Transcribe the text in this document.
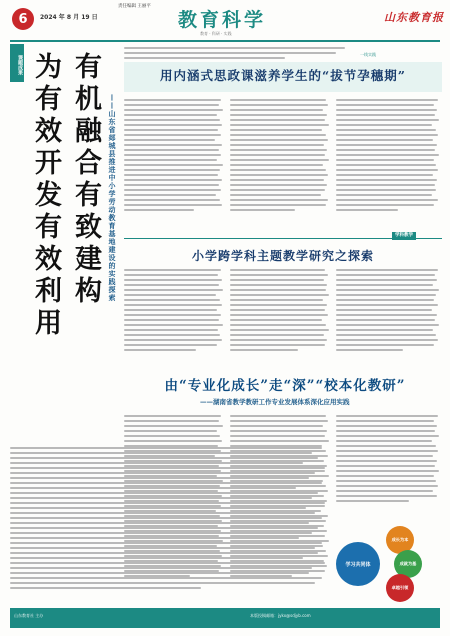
6	2024 年 8 月 19 日
责任编辑 王丽平
教育科学
教育 · 科研 · 实践
山东教育报
课题成果 为有效开发有效利用 有机融合有致建构 ——山东省郯城县推进中小学劳动教育基地建设的实践探索
一线实践
用内涵式思政课滋养学生的“拔节孕穗期”
学科教学
小学跨学科主题教学研究之探索
由“专业化成长”走“深”“校本化教研”
——湖南省教学教研工作专业发展体系深化应用实践
学习共同体
成长为本
成就为基
卓越引领
山东教育社 主办	本版投稿邮箱：jykx@sdjyb.com
